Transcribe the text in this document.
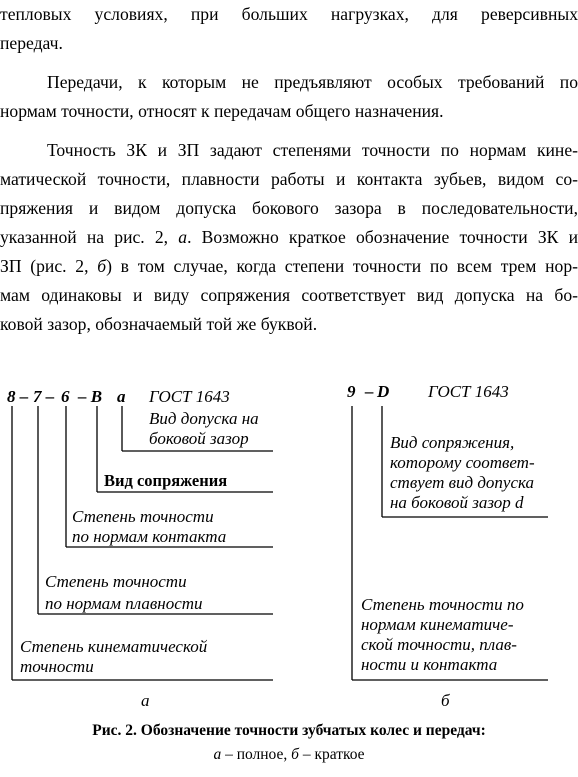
тепловых условиях, при больших нагрузках, для реверсивных
передач.
Передачи, к которым не предъявляют особых требований по
нормам точности, относят к передачам общего назначения.
Точность ЗК и ЗП задают степенями точности по нормам кине-
матической точности, плавности работы и контакта зубьев, видом со-
пряжения и видом допуска бокового зазора в последовательности,
указанной на рис. 2, а. Возможно краткое обозначение точности ЗК и
ЗП (рис. 2, б) в том случае, когда степени точности по всем трем нор-
мам одинаковы и виду сопряжения соответствует вид допуска на бо-
ковой зазор, обозначаемый той же буквой.
8 – 7 – 6 – B a ГОСТ 1643
Вид допуска на
боковой зазор
Вид сопряжения
Степень точности
по нормам контакта
Степень точности
по нормам плавности
Степень кинематической
точности
а
9 – D ГОСТ 1643
Вид сопряжения,
которому соответ-
ствует вид допуска
на боковой зазор d
Степень точности по
нормам кинематиче-
ской точности, плав-
ности и контакта
б
Рис. 2. Обозначение точности зубчатых колес и передач:
а – полное, б – краткое
